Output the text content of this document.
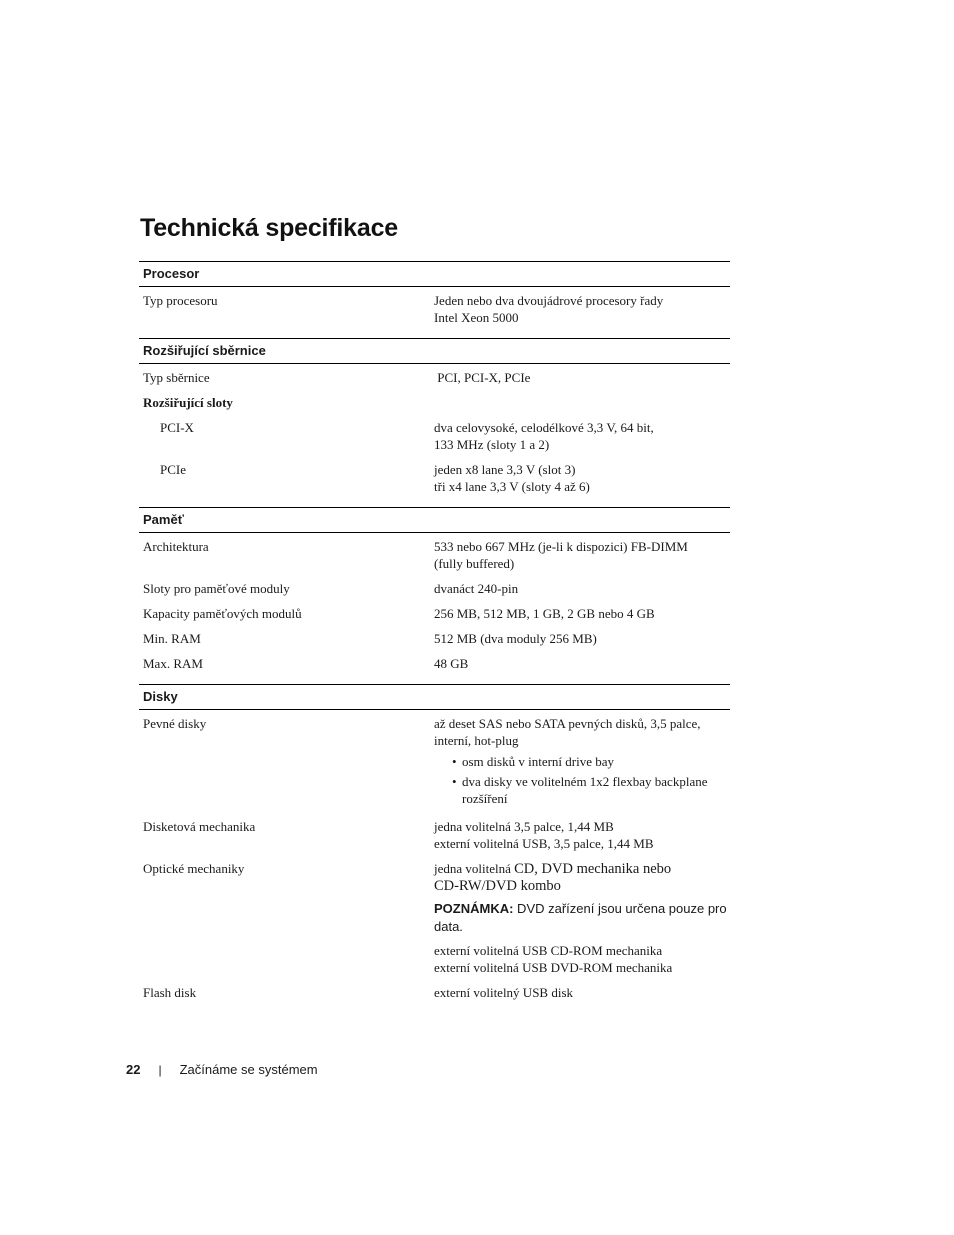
Technická specifikace
Procesor
Typ procesoru	Jeden nebo dva dvoujádrové procesory řady
Intel Xeon 5000
Rozšiřující sběrnice
Typ sběrnice	PCI, PCI-X, PCIe
Rozšiřující sloty
PCI-X	dva celovysoké, celodélkové 3,3 V, 64 bit,
133 MHz (sloty 1 a 2)
PCIe	jeden x8 lane 3,3 V (slot 3)
tři x4 lane 3,3 V (sloty 4 až 6)
Paměť
Architektura	533 nebo 667 MHz (je-li k dispozici) FB-DIMM
(fully buffered)
Sloty pro paměťové moduly	dvanáct 240-pin
Kapacity paměťových modulů	256 MB, 512 MB, 1 GB, 2 GB nebo 4 GB
Min. RAM	512 MB (dva moduly 256 MB)
Max. RAM	48 GB
Disky
Pevné disky	až deset SAS nebo SATA pevných disků, 3,5 palce,
interní, hot-plug
• osm disků v interní drive bay
• dva disky ve volitelném 1x2 flexbay backplane
rozšíření
Disketová mechanika	jedna volitelná 3,5 palce, 1,44 MB
externí volitelná USB, 3,5 palce, 1,44 MB
Optické mechaniky	jedna volitelná CD, DVD mechanika nebo
CD-RW/DVD kombo
POZNÁMKA: DVD zařízení jsou určena pouze pro data.
externí volitelná USB CD-ROM mechanika
externí volitelná USB DVD-ROM mechanika
Flash disk	externí volitelný USB disk
22 | Začínáme se systémem
